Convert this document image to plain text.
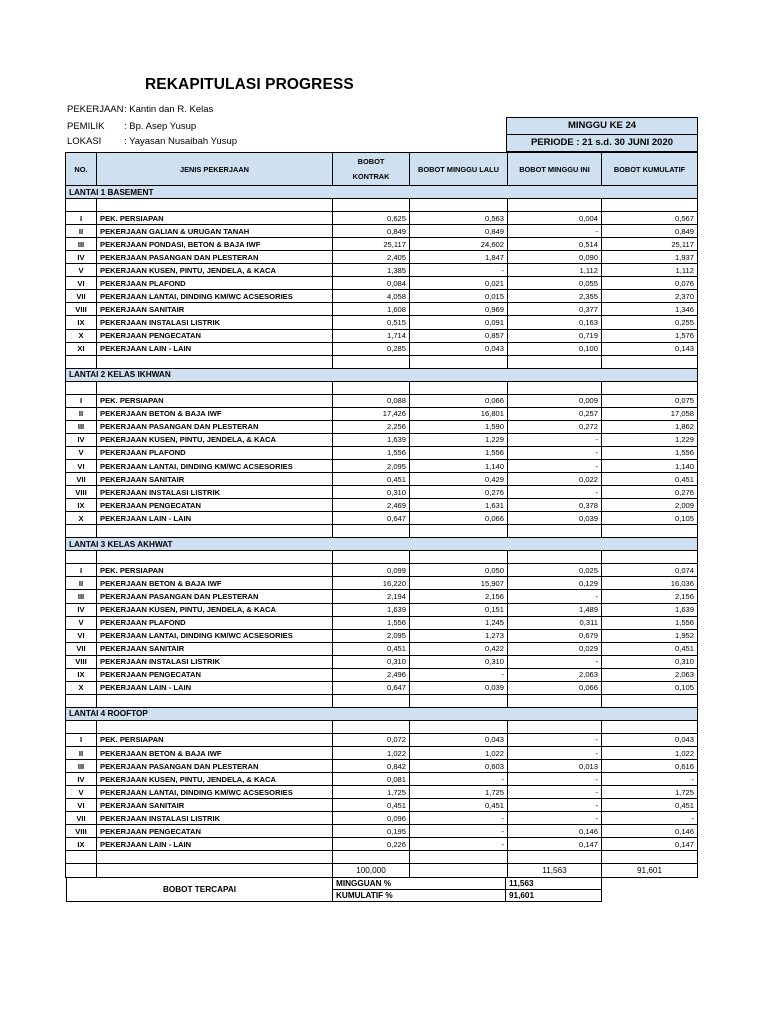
REKAPITULASI PROGRESS
PEKERJAAN : Kantin dan R. Kelas
PEMILIK : Bp. Asep Yusup
LOKASI : Yayasan Nusaibah Yusup
MINGGU KE 24
PERIODE : 21 s.d. 30 JUNI 2020
NO.	JENIS PEKERJAAN	BOBOT
KONTRAK	BOBOT MINGGU LALU	BOBOT MINGGU INI	BOBOT KUMULATIF
LANTAI 1 BASEMENT					

I	PEK. PERSIAPAN	0,625	0,563	0,004	0,567
II	PEKERJAAN GALIAN & URUGAN TANAH	0,849	0,849	-	0,849
III	PEKERJAAN PONDASI, BETON & BAJA IWF	25,117	24,602	0,514	25,117
IV	PEKERJAAN PASANGAN DAN PLESTERAN	2,405	1,847	0,090	1,937
V	PEKERJAAN KUSEN, PINTU, JENDELA, & KACA	1,385	-	1,112	1,112
VI	PEKERJAAN PLAFOND	0,084	0,021	0,055	0,076
VII	PEKERJAAN LANTAI, DINDING KM/WC ACSESORIES	4,058	0,015	2,355	2,370
VIII	PEKERJAAN SANITAIR	1,608	0,969	0,377	1,346
IX	PEKERJAAN INSTALASI LISTRIK	0,515	0,091	0,163	0,255
X	PEKERJAAN PENGECATAN	1,714	0,857	0,719	1,576
XI	PEKERJAAN LAIN - LAIN	0,285	0,043	0,100	0,143

LANTAI 2 KELAS IKHWAN					

I	PEK. PERSIAPAN	0,088	0,066	0,009	0,075
II	PEKERJAAN BETON & BAJA IWF	17,426	16,801	0,257	17,058
III	PEKERJAAN PASANGAN DAN PLESTERAN	2,256	1,590	0,272	1,862
IV	PEKERJAAN KUSEN, PINTU, JENDELA, & KACA	1,639	1,229	-	1,229
V	PEKERJAAN PLAFOND	1,556	1,556	-	1,556
VI	PEKERJAAN LANTAI, DINDING KM/WC ACSESORIES	2,095	1,140	-	1,140
VII	PEKERJAAN SANITAIR	0,451	0,429	0,022	0,451
VIII	PEKERJAAN INSTALASI LISTRIK	0,310	0,276	-	0,276
IX	PEKERJAAN PENGECATAN	2,469	1,631	0,378	2,009
X	PEKERJAAN LAIN - LAIN	0,647	0,066	0,039	0,105

LANTAI 3 KELAS AKHWAT					

I	PEK. PERSIAPAN	0,099	0,050	0,025	0,074
II	PEKERJAAN BETON & BAJA IWF	16,220	15,907	0,129	16,036
III	PEKERJAAN PASANGAN DAN PLESTERAN	2,194	2,156	-	2,156
IV	PEKERJAAN KUSEN, PINTU, JENDELA, & KACA	1,639	0,151	1,489	1,639
V	PEKERJAAN PLAFOND	1,556	1,245	0,311	1,556
VI	PEKERJAAN LANTAI, DINDING KM/WC ACSESORIES	2,095	1,273	0,679	1,952
VII	PEKERJAAN SANITAIR	0,451	0,422	0,029	0,451
VIII	PEKERJAAN INSTALASI LISTRIK	0,310	0,310	-	0,310
IX	PEKERJAAN PENGECATAN	2,496	-	2,063	2,063
X	PEKERJAAN LAIN - LAIN	0,647	0,039	0,066	0,105

LANTAI 4 ROOFTOP					

I	PEK. PERSIAPAN	0,072	0,043	-	0,043
II	PEKERJAAN BETON & BAJA IWF	1,022	1,022	-	1,022
III	PEKERJAAN PASANGAN DAN PLESTERAN	0,842	0,603	0,013	0,616
IV	PEKERJAAN KUSEN, PINTU, JENDELA, & KACA	0,081	-	-	-
V	PEKERJAAN LANTAI, DINDING KM/WC ACSESORIES	1,725	1,725	-	1,725
VI	PEKERJAAN SANITAIR	0,451	0,451	-	0,451
VII	PEKERJAAN INSTALASI LISTRIK	0,096	-	-	-
VIII	PEKERJAAN PENGECATAN	0,195	-	0,146	0,146
IX	PEKERJAAN LAIN - LAIN	0,226	-	0,147	0,147

		100,000		11,563	91,601
BOBOT TERCAPAI	MINGGUAN %	11,563
	KUMULATIF %	91,601
